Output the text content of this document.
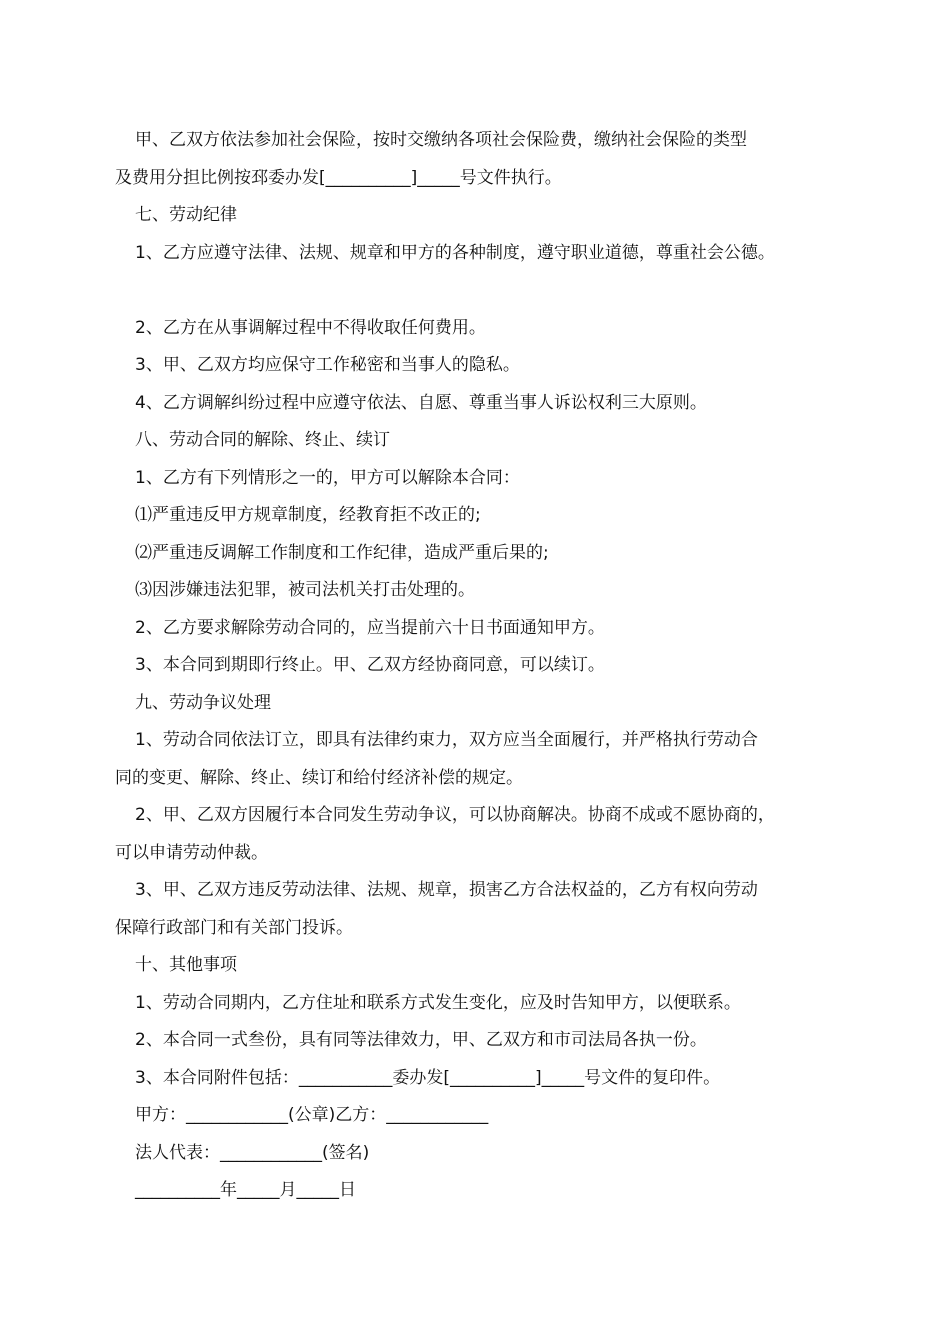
甲、乙双方依法参加社会保险，按时交缴纳各项社会保险费，缴纳社会保险的类型
及费用分担比例按邳委办发[__________]_____号文件执行。
七、劳动纪律
1、乙方应遵守法律、法规、规章和甲方的各种制度，遵守职业道德，尊重社会公德。
2、乙方在从事调解过程中不得收取任何费用。
3、甲、乙双方均应保守工作秘密和当事人的隐私。
4、乙方调解纠纷过程中应遵守依法、自愿、尊重当事人诉讼权利三大原则。
八、劳动合同的解除、终止、续订
1、乙方有下列情形之一的，甲方可以解除本合同：
⑴严重违反甲方规章制度，经教育拒不改正的;
⑵严重违反调解工作制度和工作纪律，造成严重后果的;
⑶因涉嫌违法犯罪，被司法机关打击处理的。
2、乙方要求解除劳动合同的，应当提前六十日书面通知甲方。
3、本合同到期即行终止。甲、乙双方经协商同意，可以续订。
九、劳动争议处理
1、劳动合同依法订立，即具有法律约束力，双方应当全面履行，并严格执行劳动合
同的变更、解除、终止、续订和给付经济补偿的规定。
2、甲、乙双方因履行本合同发生劳动争议，可以协商解决。协商不成或不愿协商的，
可以申请劳动仲裁。
3、甲、乙双方违反劳动法律、法规、规章，损害乙方合法权益的，乙方有权向劳动
保障行政部门和有关部门投诉。
十、其他事项
1、劳动合同期内，乙方住址和联系方式发生变化，应及时告知甲方，以便联系。
2、本合同一式叁份，具有同等法律效力，甲、乙双方和市司法局各执一份。
3、本合同附件包括：___________委办发[__________]_____号文件的复印件。
甲方：____________(公章)乙方：____________
法人代表：____________(签名)
__________年_____月_____日
